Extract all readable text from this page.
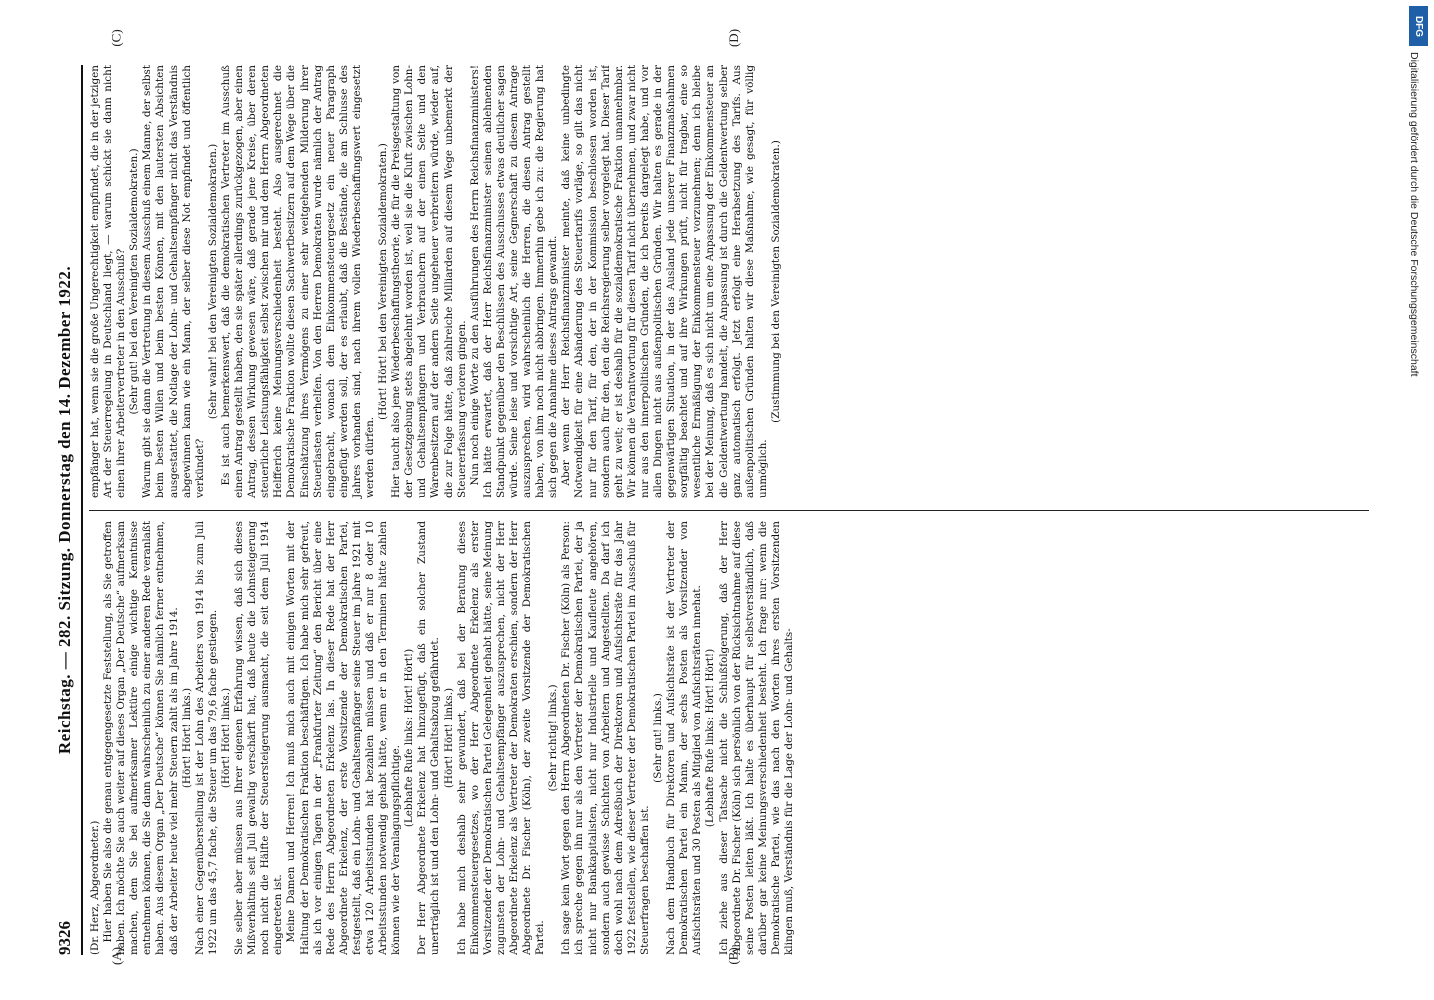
9326
Reichstag. — 282. Sitzung. Donnerstag den 14. Dezember 1922.

(Dr. Herz, Abgeordneter.) Hier haben Sie also die genau entgegengesetzte Feststellung, als Sie getroffen haben. Ich möchte Sie auch weiter auf dieses Organ „Der Deutsche“ aufmerksam machen, dem Sie bei aufmerksamer Lektüre einige wichtige Kenntnisse entnehmen können, die Sie dann wahrscheinlich zu einer anderen Rede veranlaßt haben. Aus diesem Organ „Der Deutsche“ können Sie nämlich ferner entnehmen, daß der Arbeiter heute viel mehr Steuern zahlt als im Jahre 1914. (Hört! Hört! links.) Nach einer Gegenüberstellung ist der Lohn des Arbeiters von 1914 bis zum Juli 1922 um das 45,7 fache, die Steuer um das 79,6 fache gestiegen. (Hört! Hört! links.) Sie selber aber müssen aus Ihrer eigenen Erfahrung wissen, daß sich dieses Mißverhältnis seit Juli gewaltig verschärft hat, daß heute die Lohnsteigerung noch nicht die Hälfte der Steuersteigerung ausmacht, die seit dem Juli 1914 eingetreten ist. Meine Damen und Herren! Ich muß mich auch mit einigen Worten mit der Haltung der Demokratischen Fraktion beschäftigen. Ich habe mich sehr gefreut, als ich vor einigen Tagen in der „Frankfurter Zeitung“ den Bericht über eine Rede des Herrn Abgeordneten Erkelenz las. In dieser Rede hat der Herr Abgeordnete Erkelenz, der erste Vorsitzende der Demokratischen Partei, festgestellt, daß ein Lohn- und Gehaltsempfänger seine Steuer im Jahre 1921 mit etwa 120 Arbeitsstunden hat bezahlen müssen und daß er nur 8 oder 10 Arbeitsstunden notwendig gehabt hätte, wenn er in den Terminen hätte zahlen können wie der Veranlagungspflichtige.

(Lebhafte Rufe links: Hört! Hört!) Der Herr Abgeordnete Erkelenz hat hinzugefügt, daß ein solcher Zustand unerträglich ist und den Lohn- und Gehaltsabzug gefährdet. (Hört! Hört! links.) Ich habe mich deshalb sehr gewundert, daß bei der Beratung dieses Einkommensteuergesetzes, wo der Herr Abgeordnete Erkelenz als erster Vorsitzender der Demokratischen Partei Gelegenheit gehabt hätte, seine Meinung zugunsten der Lohn- und Gehaltsempfänger auszusprechen, nicht der Herr Abgeordnete Erkelenz als Vertreter der Demokraten erschien, sondern der Herr Abgeordnete Dr. Fischer (Köln), der zweite Vorsitzende der Demokratischen Partei.

(Sehr richtig! links.) Ich sage kein Wort gegen den Herrn Abgeordneten Dr. Fischer (Köln) als Person: ich spreche gegen ihn nur als den Vertreter der Demokratischen Partei, der ja nicht nur Bankkapitalisten, nicht nur Industrielle und Kaufleute angehören, sondern auch gewisse Schichten von Arbeitern und Angestellten. Da darf ich doch wohl nach dem Adreßbuch der Direktoren und Aufsichtsräte für das Jahr 1922 feststellen, wie dieser Vertreter der Demokratischen Partei im Ausschuß für Steuerfragen beschaffen ist.

(Sehr gut! links.) Nach dem Handbuch für Direktoren und Aufsichtsräte ist der Vertreter der Demokratischen Partei ein Mann, der sechs Posten als Vorsitzender von Aufsichtsräten und 30 Posten als Mitglied von Aufsichtsräten innehat. (Lebhafte Rufe links: Hört! Hört!) Ich ziehe aus dieser Tatsache nicht die Schlußfolgerung, daß der Herr Abgeordnete Dr. Fischer (Köln) sich persönlich von der Rücksichtnahme auf diese seine Posten leiten läßt. Ich halte es überhaupt für selbstverständlich, daß darüber gar keine Meinungsverschiedenheit besteht. Ich frage nur: wenn die Demokratische Partei, wie das nach den Worten ihres ersten Vorsitzenden klingen muß, Verständnis für die Lage der Lohn- und Gehalts-

empfänger hat, wenn sie die große Ungerechtigkeit empfindet, die in der jetzigen Art der Steuerregelung in Deutschland liegt, — warum schickt sie dann nicht einen ihrer Arbeitervertreter in den Ausschuß? (Sehr gut! bei den Vereinigten Sozialdemokraten.) Warum gibt sie dann die Vertretung in diesem Ausschuß einem Manne, der selbst beim besten Willen und beim besten Können, mit den lautersten Absichten ausgestattet, die Notlage der Lohn- und Gehaltsempfänger nicht das Verständnis abgewinnen kann wie ein Mann, der selber diese Not empfindet und öffentlich verkündet?

(Sehr wahr! bei den Vereinigten Sozialdemokraten.) Es ist auch bemerkenswert, daß die demokratischen Vertreter im Ausschuß einen Antrag gestellt haben, den sie später allerdings zurückgezogen, aber einen Antrag, dessen Wirkung gewesen wäre, daß gerade jene Kreise, über deren steuerliche Leistungsfähigkeit selbst zwischen mir und dem Herrn Abgeordneten Helfferich keine Meinungsverschiedenheit besteht. Also ausgerechnet die Demokratische Fraktion wollte diesen Sachwertbesitzern auf dem Wege über die Einschätzung ihres Vermögens zu einer sehr weitgehenden Milderung ihrer Steuerlasten verhelfen. Von den Herren Demokraten wurde nämlich der Antrag eingebracht, wonach dem Einkommensteuergesetz ein neuer Paragraph eingefügt werden soll, der es erlaubt, daß die Bestände, die am Schlusse des Jahres vorhanden sind, nach ihrem vollen Wiederbeschaffungswert eingesetzt werden dürfen.

(Hört! Hört! bei den Vereinigten Sozialdemokraten.) Hier taucht also jene Wiederbeschaffungstheorie, die für die Preisgestaltung von der Gesetzgebung stets abgelehnt worden ist, weil sie die Kluft zwischen Lohn- und Gehaltsempfängern und Verbrauchern auf der einen Seite und den Warenbesitzern auf der andern Seite ungeheuer verbreitern würde, wieder auf, die zur Folge hätte, daß zahlreiche Milliarden auf diesem Wege unbemerkt der Steuererfassung verloren gingen. Nun noch einige Worte zu den Ausführungen des Herrn Reichsfinanzministers! Ich hätte erwartet, daß der Herr Reichsfinanzminister seinen ablehnenden Standpunkt gegenüber den Beschlüssen des Ausschusses etwas deutlicher sagen würde. Seine leise und vorsichtige Art, seine Gegnerschaft zu diesem Antrage auszusprechen, wird wahrscheinlich die Herren, die diesen Antrag gestellt haben, von ihm noch nicht abbringen. Immerhin gebe ich zu: die Regierung hat sich gegen die Annahme dieses Antrags gewandt. Aber wenn der Herr Reichsfinanzminister meinte, daß keine unbedingte Notwendigkeit für eine Abänderung des Steuertarifs vorläge, so gilt das nicht nur für den Tarif, für den, der in der Kommission beschlossen worden ist, sondern auch für den, den die Reichsregierung selber vorgelegt hat. Dieser Tarif geht zu weit; er ist deshalb für die sozialdemokratische Fraktion unannehmbar. Wir können die Verantwortung für diesen Tarif nicht übernehmen, und zwar nicht nur aus den innerpolitischen Gründen, die ich bereits dargelegt habe, und vor allen Dingen nicht aus außenpolitischen Gründen. Wir halten es gerade in der gegenwärtigen Situation, in der das Ausland jede unserer Finanzmaßnahmen sorgfältig beachtet und auf ihre Wirkungen prüft, nicht für tragbar, eine so wesentliche Ermäßigung der Einkommensteuer vorzunehmen; denn ich bleibe bei der Meinung, daß es sich nicht um eine Anpassung der Einkommensteuer an die Geldentwertung handelt, die Anpassung ist durch die Geldentwertung selber ganz automatisch erfolgt. Jetzt erfolgt eine Herabsetzung des Tarifs. Aus außenpolitischen Gründen halten wir diese Maßnahme, wie gesagt, für völlig unmöglich.

(Zustimmung bei den Vereinigten Sozialdemokraten.)

(A)	(B)
(C)	(D)
DFG
Digitalisierung gefördert durch die Deutsche Forschungsgemeinschaft
